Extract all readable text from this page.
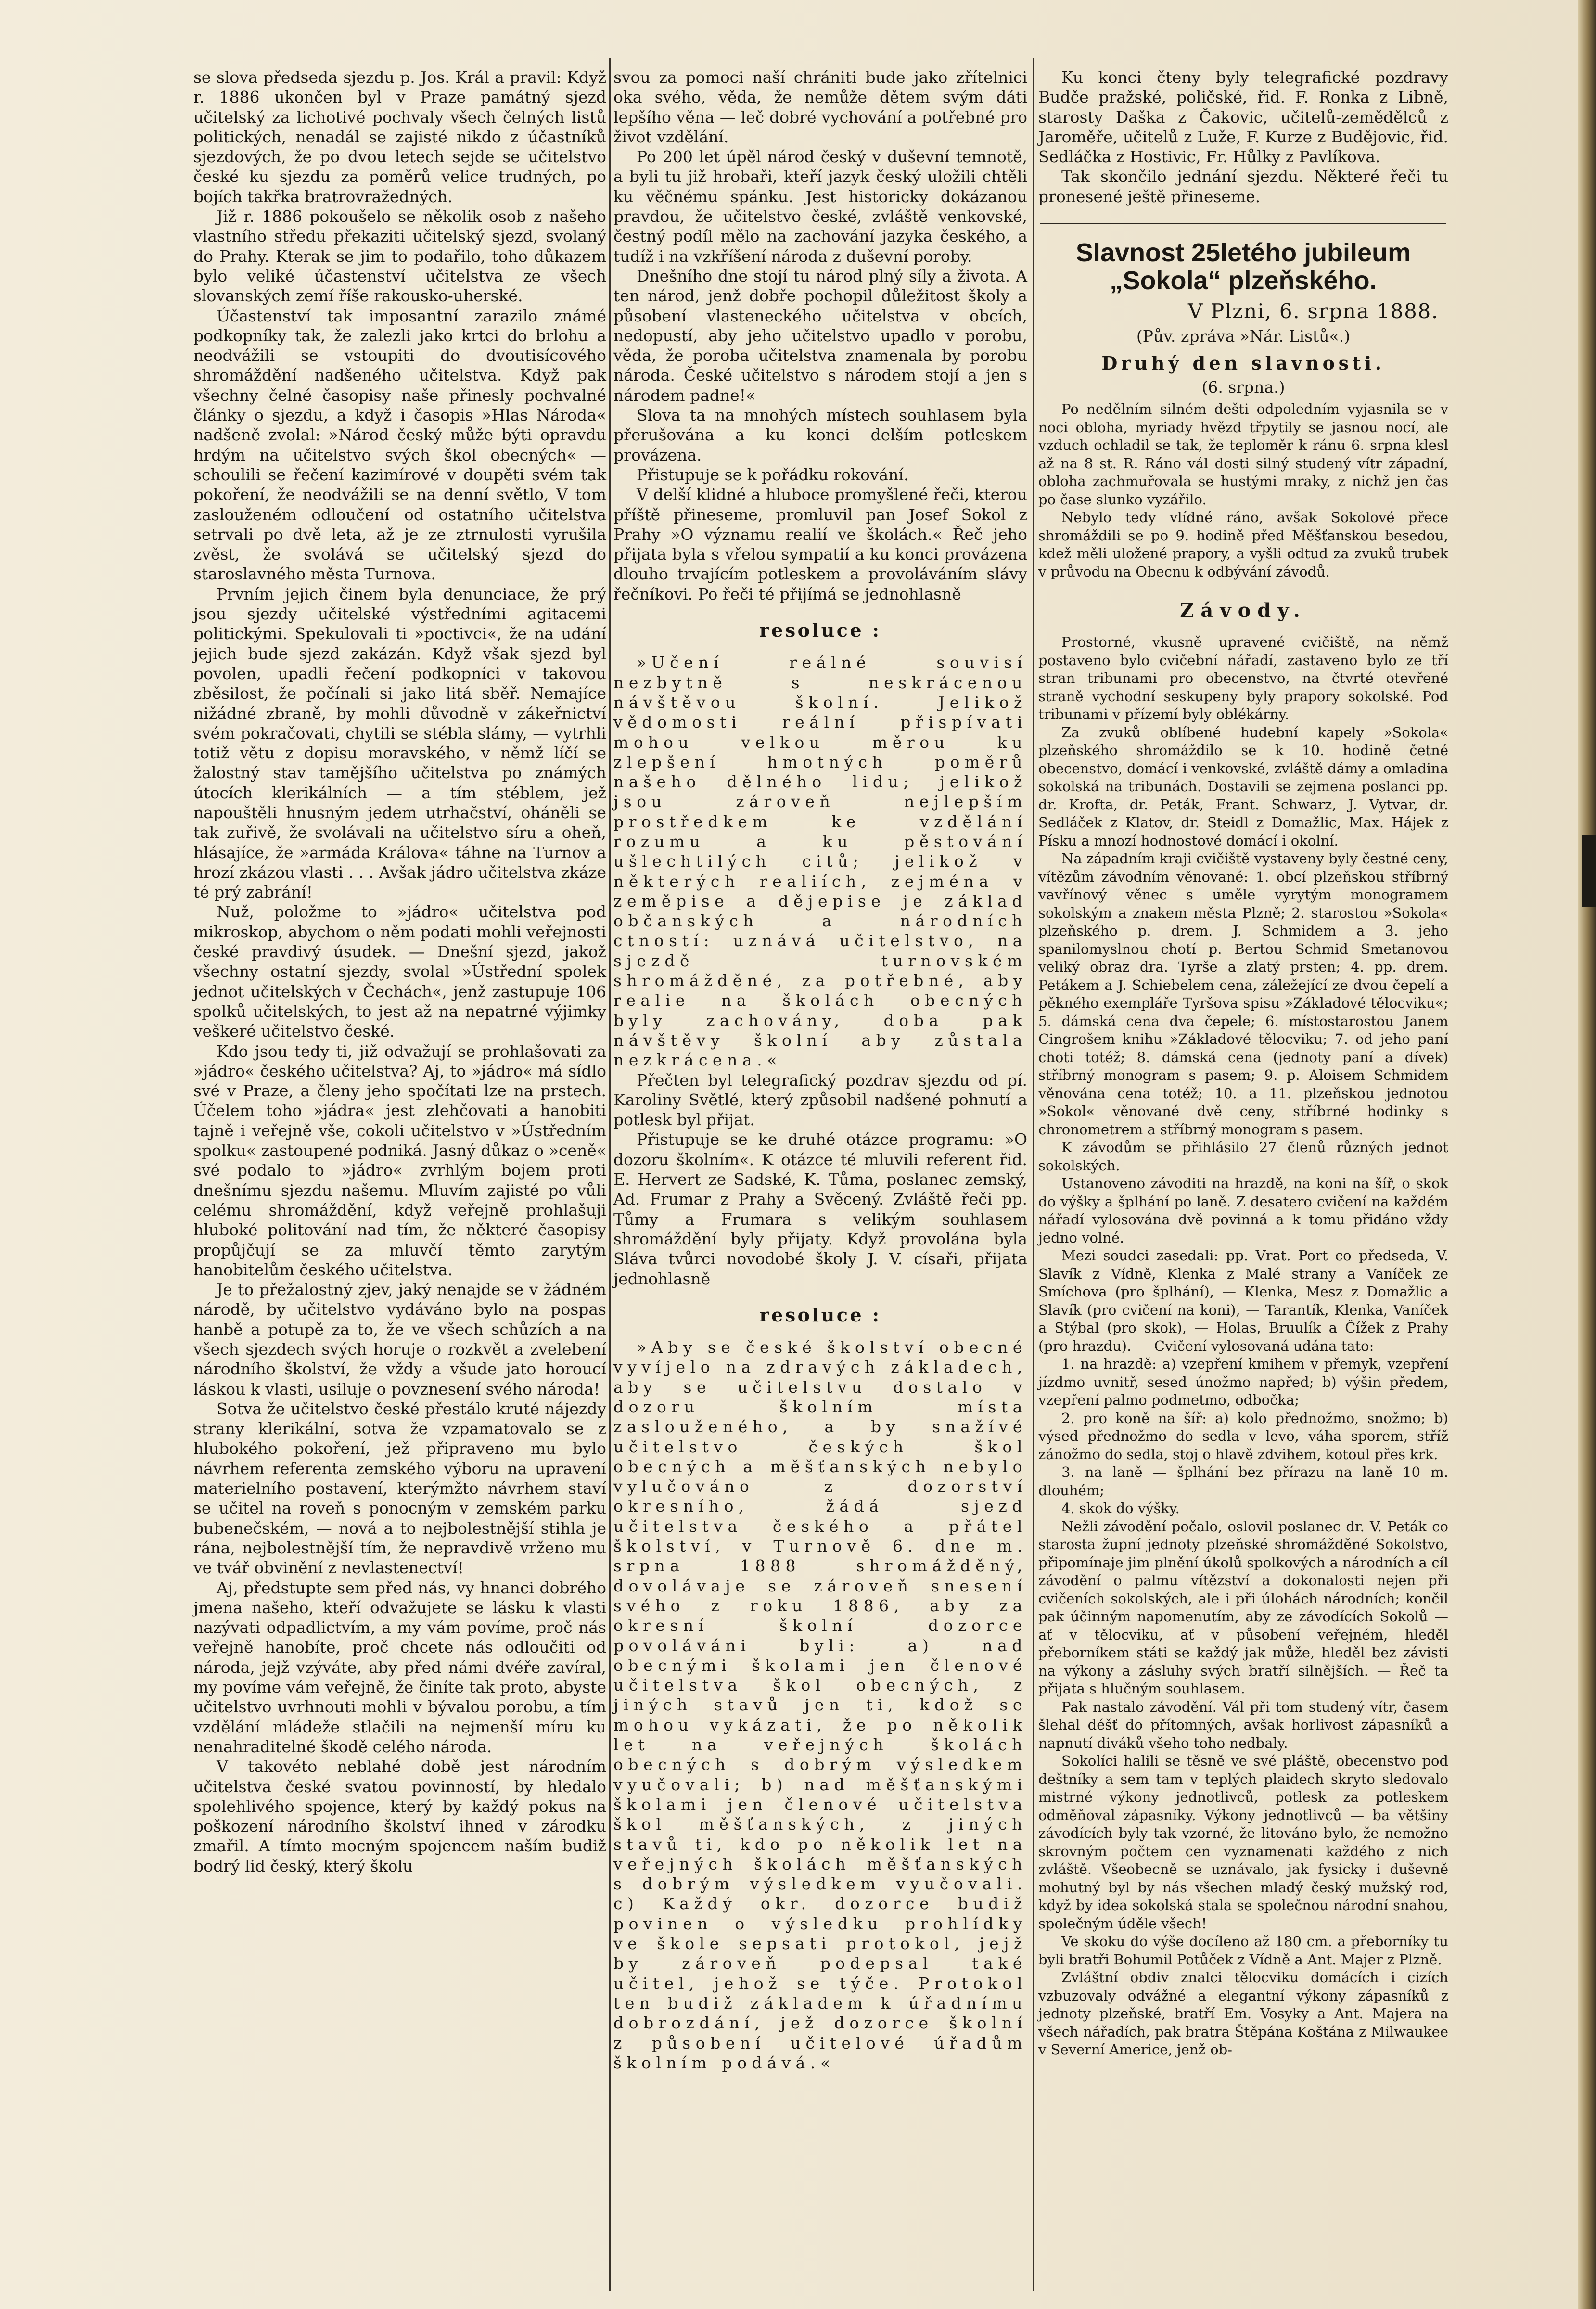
se slova předseda sjezdu p. Jos. Král a pravil: Když r. 1886 ukončen byl v Praze památný sjezd učitelský za lichotivé pochvaly všech čelných listů politických, nenadál se zajisté nikdo z účastníků sjezdových, že po dvou letech sejde se učitelstvo české ku sjezdu za poměrů velice trudných, po bojích takřka bratrovražedných.

Již r. 1886 pokoušelo se několik osob z našeho vlastního středu překaziti učitelský sjezd, svolaný do Prahy. Kterak se jim to podařilo, toho důkazem bylo veliké účastenství učitelstva ze všech slovanských zemí říše rakousko-uherské.

Účastenství tak imposantní zarazilo známé podkopníky tak, že zalezli jako krtci do brlohu a neodvážili se vstoupiti do dvoutisícového shromáždění nadšeného učitelstva. Když pak všechny čelné časopisy naše přinesly pochvalné články o sjezdu, a když i časopis »Hlas Národa« nadšeně zvolal: »Národ český může býti opravdu hrdým na učitelstvo svých škol obecných« — schoulili se řečení kazimírové v doupěti svém tak pokoření, že neodvážili se na denní světlo, V tom zaslouženém odloučení od ostatního učitelstva setrvali po dvě leta, až je ze ztrnulosti vyrušila zvěst, že svolává se učitelský sjezd do staroslavného města Turnova.

Prvním jejich činem byla denunciace, že prý jsou sjezdy učitelské výstředními agitacemi politickými. Spekulovali ti »poctivci«, že na udání jejich bude sjezd zakázán. Když však sjezd byl povolen, upadli řečení podkopníci v takovou zběsilost, že počínali si jako litá sběř. Nemajíce nižádné zbraně, by mohli důvodně v zákeřnictví svém pokračovati, chytili se stébla slámy, — vytrhli totiž větu z dopisu moravského, v němž líčí se žalostný stav tamějšího učitelstva po známých útocích klerikálních — a tím stéblem, jež napouštěli hnusným jedem utrhačství, oháněli se tak zuřivě, že svolávali na učitelstvo síru a oheň, hlásajíce, že »armáda Králova« táhne na Turnov a hrozí zkázou vlasti . . . Avšak jádro učitelstva zkáze té prý zabrání!

Nuž, položme to »jádro« učitelstva pod mikroskop, abychom o něm podati mohli veřejnosti české pravdivý úsudek. — Dnešní sjezd, jakož všechny ostatní sjezdy, svolal »Ústřední spolek jednot učitelských v Čechách«, jenž zastupuje 106 spolků učitelských, to jest až na nepatrné výjimky veškeré učitelstvo české.

Kdo jsou tedy ti, již odvažují se prohlašovati za »jádro« českého učitelstva? Aj, to »jádro« má sídlo své v Praze, a členy jeho spočítati lze na prstech. Účelem toho »jádra« jest zlehčovati a hanobiti tajně i veřejně vše, cokoli učitelstvo v »Ústředním spolku« zastoupené podniká. Jasný důkaz o »ceně« své podalo to »jádro« zvrhlým bojem proti dnešnímu sjezdu našemu. Mluvím zajisté po vůli celému shromáždění, když veřejně prohlašuji hluboké politování nad tím, že některé časopisy propůjčují se za mluvčí těmto zarytým hanobitelům českého učitelstva.

Je to přežalostný zjev, jaký nenajde se v žádném národě, by učitelstvo vydáváno bylo na pospas hanbě a potupě za to, že ve všech schůzích a na všech sjezdech svých horuje o rozkvět a zvelebení národního školství, že vždy a všude jato horoucí láskou k vlasti, usiluje o povznesení svého národa!

Sotva že učitelstvo české přestálo kruté nájezdy strany klerikální, sotva že vzpamatovalo se z hlubokého pokoření, jež připraveno mu bylo návrhem referenta zemského výboru na upravení materielního postavení, kterýmžto návrhem staví se učitel na roveň s ponocným v zemském parku bubenečském, — nová a to nejbolestnější stihla je rána, nejbolestnější tím, že nepravdivě vrženo mu ve tvář obvinění z nevlastenectví!

Aj, předstupte sem před nás, vy hnanci dobrého jmena našeho, kteří odvažujete se lásku k vlasti nazývati odpadlictvím, a my vám povíme, proč nás veřejně hanobíte, proč chcete nás odloučiti od národa, jejž vzýváte, aby před námi dvéře zavíral, my povíme vám veřejně, že činíte tak proto, abyste učitelstvo uvrhnouti mohli v bývalou porobu, a tím vzdělání mládeže stlačili na nejmenší míru ku nenahraditelné škodě celého národa.

V takovéto neblahé době jest národním učitelstva české svatou povinností, by hledalo spolehlivého spojence, který by každý pokus na poškození národního školství ihned v zárodku zmařil. A tímto mocným spojencem naším budiž bodrý lid český, který školu

svou za pomoci naší chrániti bude jako zřítelnici oka svého, věda, že nemůže dětem svým dáti lepšího věna — leč dobré vychování a potřebné pro život vzdělání.

Po 200 let úpěl národ český v duševní temnotě, a byli tu již hrobaři, kteří jazyk český uložili chtěli ku věčnému spánku. Jest historicky dokázanou pravdou, že učitelstvo české, zvláště venkovské, čestný podíl mělo na zachování jazyka českého, a tudíž i na vzkříšení národa z duševní poroby.

Dnešního dne stojí tu národ plný síly a života. A ten národ, jenž dobře pochopil důležitost školy a působení vlasteneckého učitelstva v obcích, nedopustí, aby jeho učitelstvo upadlo v porobu, věda, že poroba učitelstva znamenala by porobu národa. České učitelstvo s národem stojí a jen s národem padne!«

Slova ta na mnohých místech souhlasem byla přerušována a ku konci delším potleskem provázena.

Přistupuje se k pořádku rokování.

V delší klidné a hluboce promyšlené řeči, kterou příště přineseme, promluvil pan Josef Sokol z Prahy »O významu realií ve školách.« Řeč jeho přijata byla s vřelou sympatií a ku konci provázena dlouho trvajícím potleskem a provoláváním slávy řečníkovi. Po řeči té přijímá se jednohlasně

resoluce :

»Učení reálné souvisí nezbytně s neskrácenou návštěvou školní. Jelikož vědomosti reální přispívati mohou velkou měrou ku zlepšení hmotných poměrů našeho dělného lidu; jelikož jsou zároveň nejlepším prostředkem ke vzdělání rozumu a ku pěstování ušlechtilých citů; jelikož v některých realiích, zejména v zeměpise a dějepise je základ občanských a národních ctností: uznává učitelstvo, na sjezdě turnovském shromážděné, za potřebné, aby realie na školách obecných byly zachovány, doba pak návštěvy školní aby zůstala nezkrácena.«

Přečten byl telegrafický pozdrav sjezdu od pí. Karoliny Světlé, který způsobil nadšené pohnutí a potlesk byl přijat.

Přistupuje se ke druhé otázce programu: »O dozoru školním«. K otázce té mluvili referent řid. E. Hervert ze Sadské, K. Tůma, poslanec zemský, Ad. Frumar z Prahy a Svěcený. Zvláště řeči pp. Tůmy a Frumara s velikým souhlasem shromáždění byly přijaty. Když provolána byla Sláva tvůrci novodobé školy J. V. císaři, přijata jednohlasně

resoluce :

»Aby se české školství obecné vyvíjelo na zdravých základech, aby se učitelstvu dostalo v dozoru školním místa zaslouženého, a by snažívé učitelstvo českých škol obecných a měšťanských nebylo vylučováno z dozorství okresního, žádá sjezd učitelstva českého a přátel školství, v Turnově 6. dne m. srpna 1888 shromážděný, dovolávaje se zároveň snesení svého z roku 1886, aby za okresní školní dozorce povoláváni byli: a) nad obecnými školami jen členové učitelstva škol obecných, z jiných stavů jen ti, kdož se mohou vykázati, že po několik let na veřejných školách obecných s dobrým výsledkem vyučovali; b) nad měšťanskými školami jen členové učitelstva škol měšťanských, z jiných stavů ti, kdo po několik let na veřejných školách měšťanských s dobrým výsledkem vyučovali. c) Každý okr. dozorce budiž povinen o výsledku prohlídky ve škole sepsati protokol, jejž by zároveň podepsal také učitel, jehož se týče. Protokol ten budiž základem k úřadnímu dobrozdání, jež dozorce školní z působení učitelové úřadům školním podává.«

Ku konci čteny byly telegrafické pozdravy Budče pražské, poličské, řid. F. Ronka z Libně, starosty Daška z Čakovic, učitelů-zemědělců z Jaroměře, učitelů z Luže, F. Kurze z Budějovic, řid. Sedláčka z Hostivic, Fr. Hůlky z Pavlíkova.

Tak skončilo jednání sjezdu. Některé řeči tu pronesené ještě přineseme.

Slavnost 25letého jubileum „Sokola“ plzeňského.
V Plzni, 6. srpna 1888.
(Pův. zpráva »Nár. Listů«.)
Druhý den slavnosti.
(6. srpna.)

Po nedělním silném dešti odpoledním vyjasnila se v noci obloha, myriady hvězd třpytily se jasnou nocí, ale vzduch ochladil se tak, že teploměr k ránu 6. srpna klesl až na 8 st. R. Ráno vál dosti silný studený vítr západní, obloha zachmuřovala se hustými mraky, z nichž jen čas po čase slunko vyzářilo.

Nebylo tedy vlídné ráno, avšak Sokolové přece shromáždili se po 9. hodině před Měšťanskou besedou, kdež měli uložené prapory, a vyšli odtud za zvuků trubek v průvodu na Obecnu k odbývání závodů.

Závody.

Prostorné, vkusně upravené cvičiště, na němž postaveno bylo cvičební nářadí, zastaveno bylo ze tří stran tribunami pro obecenstvo, na čtvrté otevřené straně vychodní seskupeny byly prapory sokolské. Pod tribunami v přízemí byly oblékárny.

Za zvuků oblíbené hudební kapely »Sokola« plzeňského shromáždilo se k 10. hodině četné obecenstvo, domácí i venkovské, zvláště dámy a omladina sokolská na tribunách. Dostavili se zejmena poslanci pp. dr. Krofta, dr. Peták, Frant. Schwarz, J. Vytvar, dr. Sedláček z Klatov, dr. Steidl z Domažlic, Max. Hájek z Písku a mnozí hodnostové domácí i okolní.

Na západním kraji cvičiště vystaveny byly čestné ceny, vítězům závodním věnované: 1. obcí plzeňskou stříbrný vavřínový věnec s uměle vyrytým monogramem sokolským a znakem města Plzně; 2. starostou »Sokola« plzeňského p. drem. J. Schmidem a 3. jeho spanilomyslnou chotí p. Bertou Schmid Smetanovou veliký obraz dra. Tyrše a zlatý prsten; 4. pp. drem. Petákem a J. Schiebelem cena, záležející ze dvou čepelí a pěkného exempláře Tyršova spisu »Základové tělocviku«; 5. dámská cena dva čepele; 6. místostarostou Janem Cingrošem knihu »Základové tělocviku; 7. od jeho paní choti totéž; 8. dámská cena (jednoty paní a dívek) stříbrný monogram s pasem; 9. p. Aloisem Schmidem věnována cena totéž; 10. a 11. plzeňskou jednotou »Sokol« věnované dvě ceny, stříbrné hodinky s chronometrem a stříbrný monogram s pasem.

K závodům se přihlásilo 27 členů různých jednot sokolských.

Ustanoveno závoditi na hrazdě, na koni na šíř, o skok do výšky a šplhání po laně. Z desatero cvičení na každém nářadí vylosována dvě povinná a k tomu přidáno vždy jedno volné.

Mezi soudci zasedali: pp. Vrat. Port co předseda, V. Slavík z Vídně, Klenka z Malé strany a Vaníček ze Smíchova (pro šplhání), — Klenka, Mesz z Domažlic a Slavík (pro cvičení na koni), — Tarantík, Klenka, Vaníček a Stýbal (pro skok), — Holas, Bruulík a Čížek z Prahy (pro hrazdu). — Cvičení vylosovaná udána tato:

1. na hrazdě: a) vzepření kmihem v přemyk, vzepření jízdmo uvnitř, sesed únožmo napřed; b) výšin předem, vzepření palmo podmetmo, odbočka;

2. pro koně na šíř: a) kolo přednožmo, snožmo; b) výsed přednožmo do sedla v levo, váha sporem, stříž zánožmo do sedla, stoj o hlavě zdvihem, kotoul přes krk.

3. na laně — šplhání bez přírazu na laně 10 m. dlouhém;

4. skok do výšky.

Nežli závodění počalo, oslovil poslanec dr. V. Peták co starosta župní jednoty plzeňské shromážděné Sokolstvo, připomínaje jim plnění úkolů spolkových a národních a cíl závodění o palmu vítězství a dokonalosti nejen při cvičeních sokolských, ale i při úlohách národních; končil pak účinným napomenutím, aby ze závodících Sokolů — ať v tělocviku, ať v působení veřejném, hleděl přeborníkem státi se každý jak může, hleděl bez závisti na výkony a zásluhy svých bratří silnějších. — Řeč ta přijata s hlučným souhlasem.

Pak nastalo závodění. Vál při tom studený vítr, časem šlehal déšť do přítomných, avšak horlivost zápasníků a napnutí diváků všeho toho nedbaly.

Sokolíci halili se těsně ve své pláště, obecenstvo pod deštníky a sem tam v teplých plaidech skryto sledovalo mistrné výkony jednotlivců, potlesk za potleskem odměňoval zápasníky. Výkony jednotlivců — ba většiny závodících byly tak vzorné, že litováno bylo, že nemožno skrovným počtem cen vyznamenati každého z nich zvláště. Všeobecně se uznávalo, jak fysicky i duševně mohutný byl by nás všechen mladý český mužský rod, když by idea sokolská stala se společnou národní snahou, společným úděle všech!

Ve skoku do výše docíleno až 180 cm. a přeborníky tu byli bratři Bohumil Potůček z Vídně a Ant. Majer z Plzně.

Zvláštní obdiv znalci tělocviku domácích i cizích vzbuzovaly odvážné a elegantní výkony zápasníků z jednoty plzeňské, bratří Em. Vosyky a Ant. Majera na všech nářadích, pak bratra Štěpána Koštána z Milwaukee v Severní Americe, jenž ob-
